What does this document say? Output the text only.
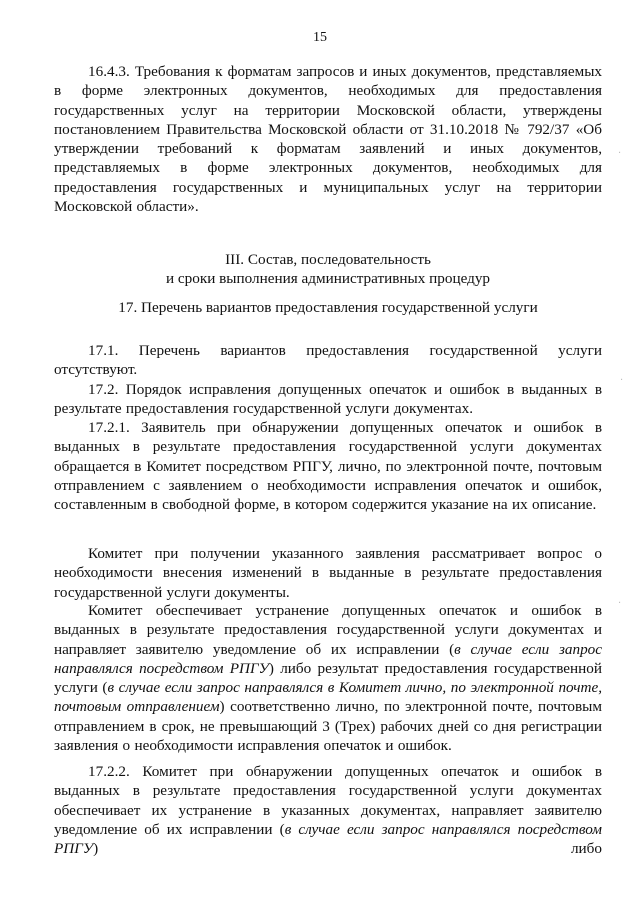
15

16.4.3. Требования к форматам запросов и иных документов, представляемых в форме электронных документов, необходимых для предоставления государственных услуг на территории Московской области, утверждены постановлением Правительства Московской области от 31.10.2018 № 792/37 «Об утверждении требований к форматам заявлений и иных документов, представляемых в форме электронных документов, необходимых для предоставления государственных и муниципальных услуг на территории Московской области».

III. Состав, последовательность

и сроки выполнения административных процедур

17. Перечень вариантов предоставления государственной услуги

17.1. Перечень вариантов предоставления государственной услуги отсутствуют.

17.2. Порядок исправления допущенных опечаток и ошибок в выданных в результате предоставления государственной услуги документах.

17.2.1. Заявитель при обнаружении допущенных опечаток и ошибок в выданных в результате предоставления государственной услуги документах обращается в Комитет посредством РПГУ, лично, по электронной почте, почтовым отправлением с заявлением о необходимости исправления опечаток и ошибок, составленным в свободной форме, в котором содержится указание на их описание.

Комитет при получении указанного заявления рассматривает вопрос о необходимости внесения изменений в выданные в результате предоставления государственной услуги документы.

Комитет обеспечивает устранение допущенных опечаток и ошибок в выданных в результате предоставления государственной услуги документах и направляет заявителю уведомление об их исправлении (в случае если запрос направлялся посредством РПГУ) либо результат предоставления государственной услуги (в случае если запрос направлялся в Комитет лично, по электронной почте, почтовым отправлением) соответственно лично, по электронной почте, почтовым отправлением в срок, не превышающий 3 (Трех) рабочих дней со дня регистрации заявления о необходимости исправления опечаток и ошибок.

17.2.2. Комитет при обнаружении допущенных опечаток и ошибок в выданных в результате предоставления государственной услуги документах обеспечивает их устранение в указанных документах, направляет заявителю уведомление об их исправлении (в случае если запрос направлялся посредством РПГУ) либо

·
·
·
